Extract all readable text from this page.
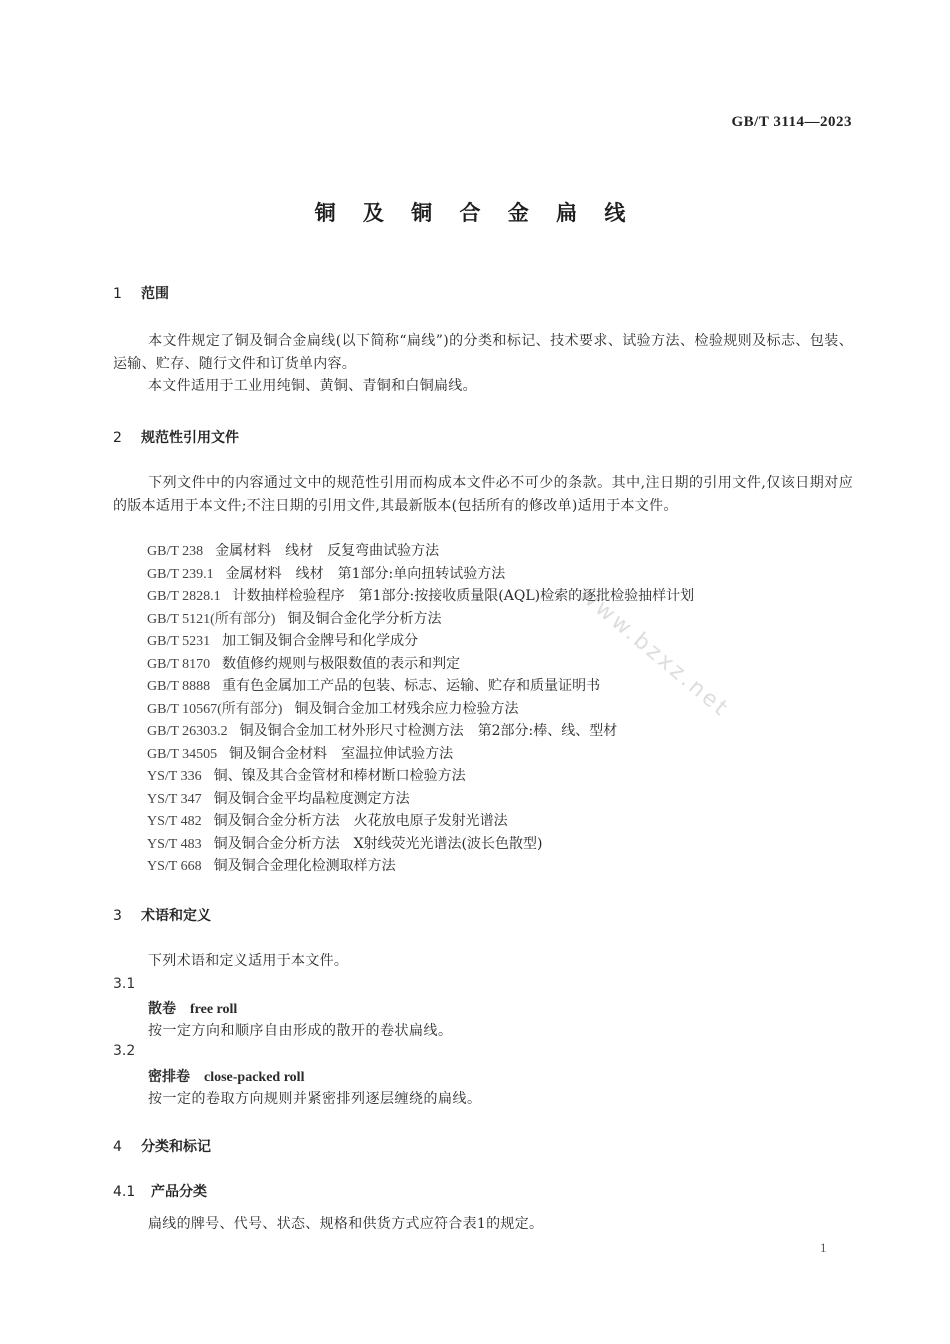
GB/T 3114—2023
铜 及 铜 合 金 扁 线
1 范围
本文件规定了铜及铜合金扁线(以下简称“扁线”)的分类和标记、技术要求、试验方法、检验规则及标志、包装、运输、贮存、随行文件和订货单内容。
本文件适用于工业用纯铜、黄铜、青铜和白铜扁线。
2 规范性引用文件
下列文件中的内容通过文中的规范性引用而构成本文件必不可少的条款。其中,注日期的引用文件,仅该日期对应的版本适用于本文件;不注日期的引用文件,其最新版本(包括所有的修改单)适用于本文件。
GB/T 238 金属材料　线材　反复弯曲试验方法
GB/T 239.1 金属材料　线材　第1部分:单向扭转试验方法
GB/T 2828.1 计数抽样检验程序　第1部分:按接收质量限(AQL)检索的逐批检验抽样计划
GB/T 5121(所有部分) 铜及铜合金化学分析方法
GB/T 5231 加工铜及铜合金牌号和化学成分
GB/T 8170 数值修约规则与极限数值的表示和判定
GB/T 8888 重有色金属加工产品的包装、标志、运输、贮存和质量证明书
GB/T 10567(所有部分) 铜及铜合金加工材残余应力检验方法
GB/T 26303.2 铜及铜合金加工材外形尺寸检测方法　第2部分:棒、线、型材
GB/T 34505 铜及铜合金材料　室温拉伸试验方法
YS/T 336 铜、镍及其合金管材和棒材断口检验方法
YS/T 347 铜及铜合金平均晶粒度测定方法
YS/T 482 铜及铜合金分析方法　火花放电原子发射光谱法
YS/T 483 铜及铜合金分析方法　X射线荧光光谱法(波长色散型)
YS/T 668 铜及铜合金理化检测取样方法
www.bzxz.net
3 术语和定义
下列术语和定义适用于本文件。
3.1
散卷 free roll
按一定方向和顺序自由形成的散开的卷状扁线。
3.2
密排卷 close-packed roll
按一定的卷取方向规则并紧密排列逐层缠绕的扁线。
4 分类和标记
4.1 产品分类
扁线的牌号、代号、状态、规格和供货方式应符合表1的规定。
1
